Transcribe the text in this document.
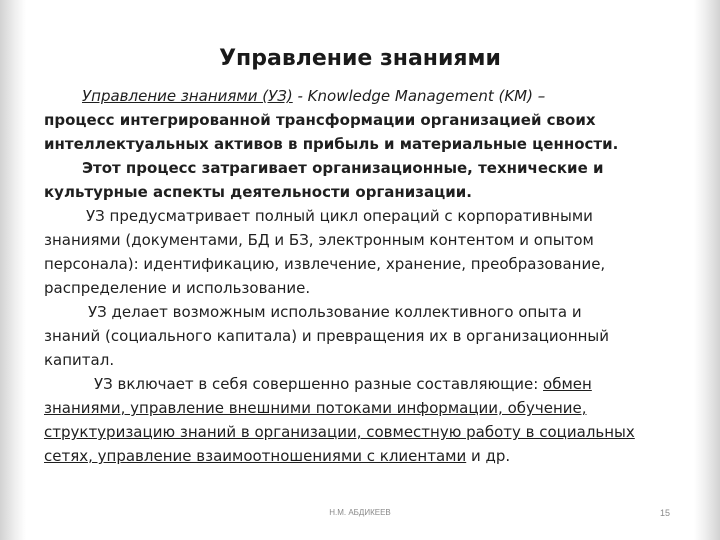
Управление знаниями
Управление знаниями (УЗ) - Knowledge Management (KM) –
процесс интегрированной трансформации организацией своих
интеллектуальных активов в прибыль и материальные ценности.
Этот процесс затрагивает организационные, технические и
культурные аспекты деятельности организации.
УЗ предусматривает полный цикл операций с корпоративными
знаниями (документами, БД и БЗ, электронным контентом и опытом
персонала): идентификацию, извлечение, хранение, преобразование,
распределение и использование.
УЗ делает возможным использование коллективного опыта и
знаний (социального капитала) и превращения их в организационный
капитал.
УЗ включает в себя совершенно разные составляющие: обмен
знаниями, управление внешними потоками информации, обучение,
структуризацию знаний в организации, совместную работу в социальных
сетях, управление взаимоотношениями с клиентами и др.
Н.М. АБДИКЕЕВ	15
